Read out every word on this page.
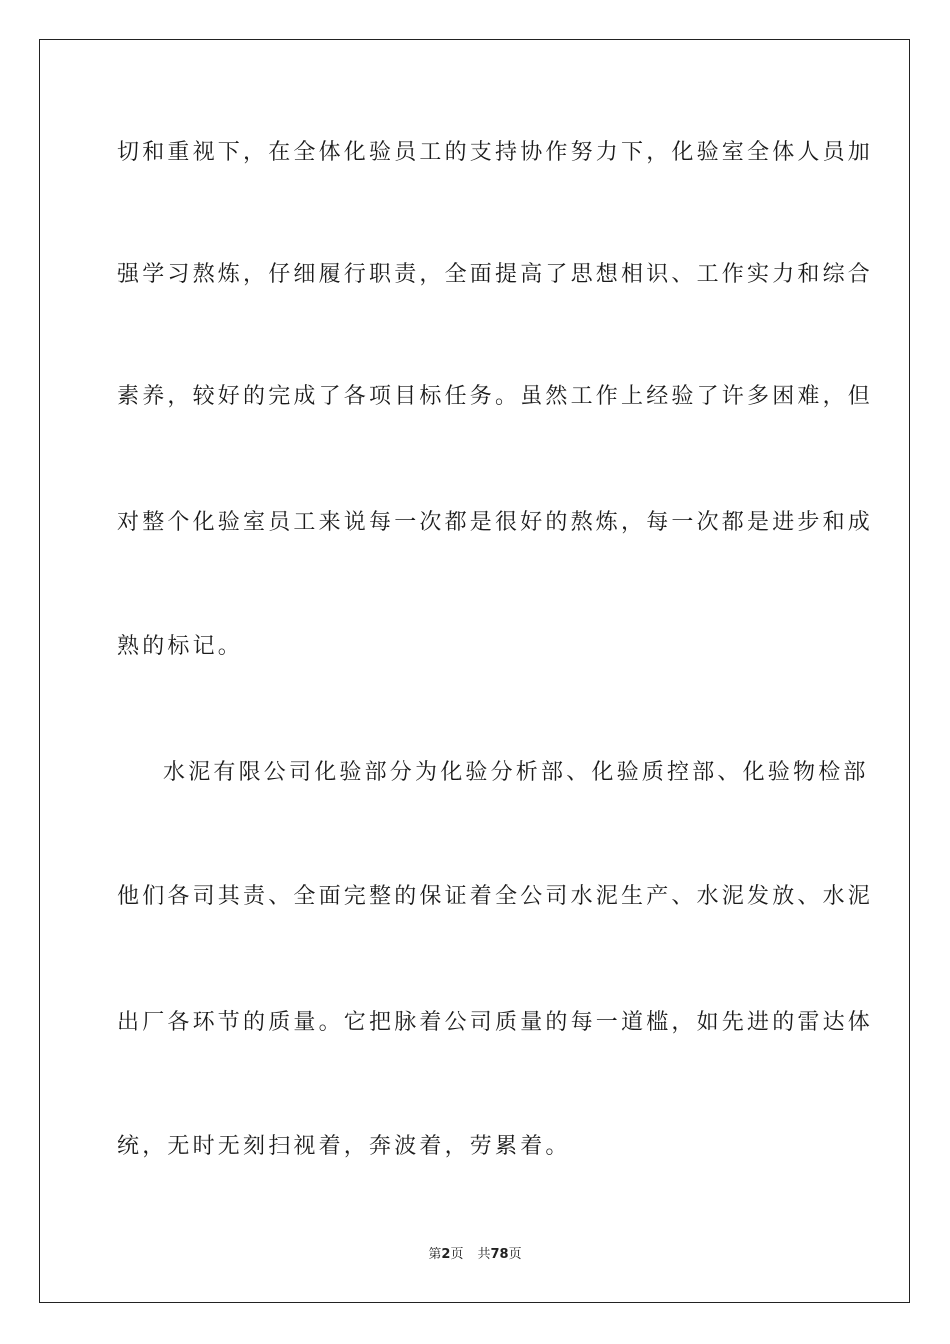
切和重视下，在全体化验员工的支持协作努力下，化验室全体人员加
强学习熬炼，仔细履行职责，全面提高了思想相识、工作实力和综合
素养，较好的完成了各项目标任务。虽然工作上经验了许多困难，但
对整个化验室员工来说每一次都是很好的熬炼，每一次都是进步和成
熟的标记。
水泥有限公司化验部分为化验分析部、化验质控部、化验物检部
他们各司其责、全面完整的保证着全公司水泥生产、水泥发放、水泥
出厂各环节的质量。它把脉着公司质量的每一道槛，如先进的雷达体
统，无时无刻扫视着，奔波着，劳累着。
第2页 共78页
